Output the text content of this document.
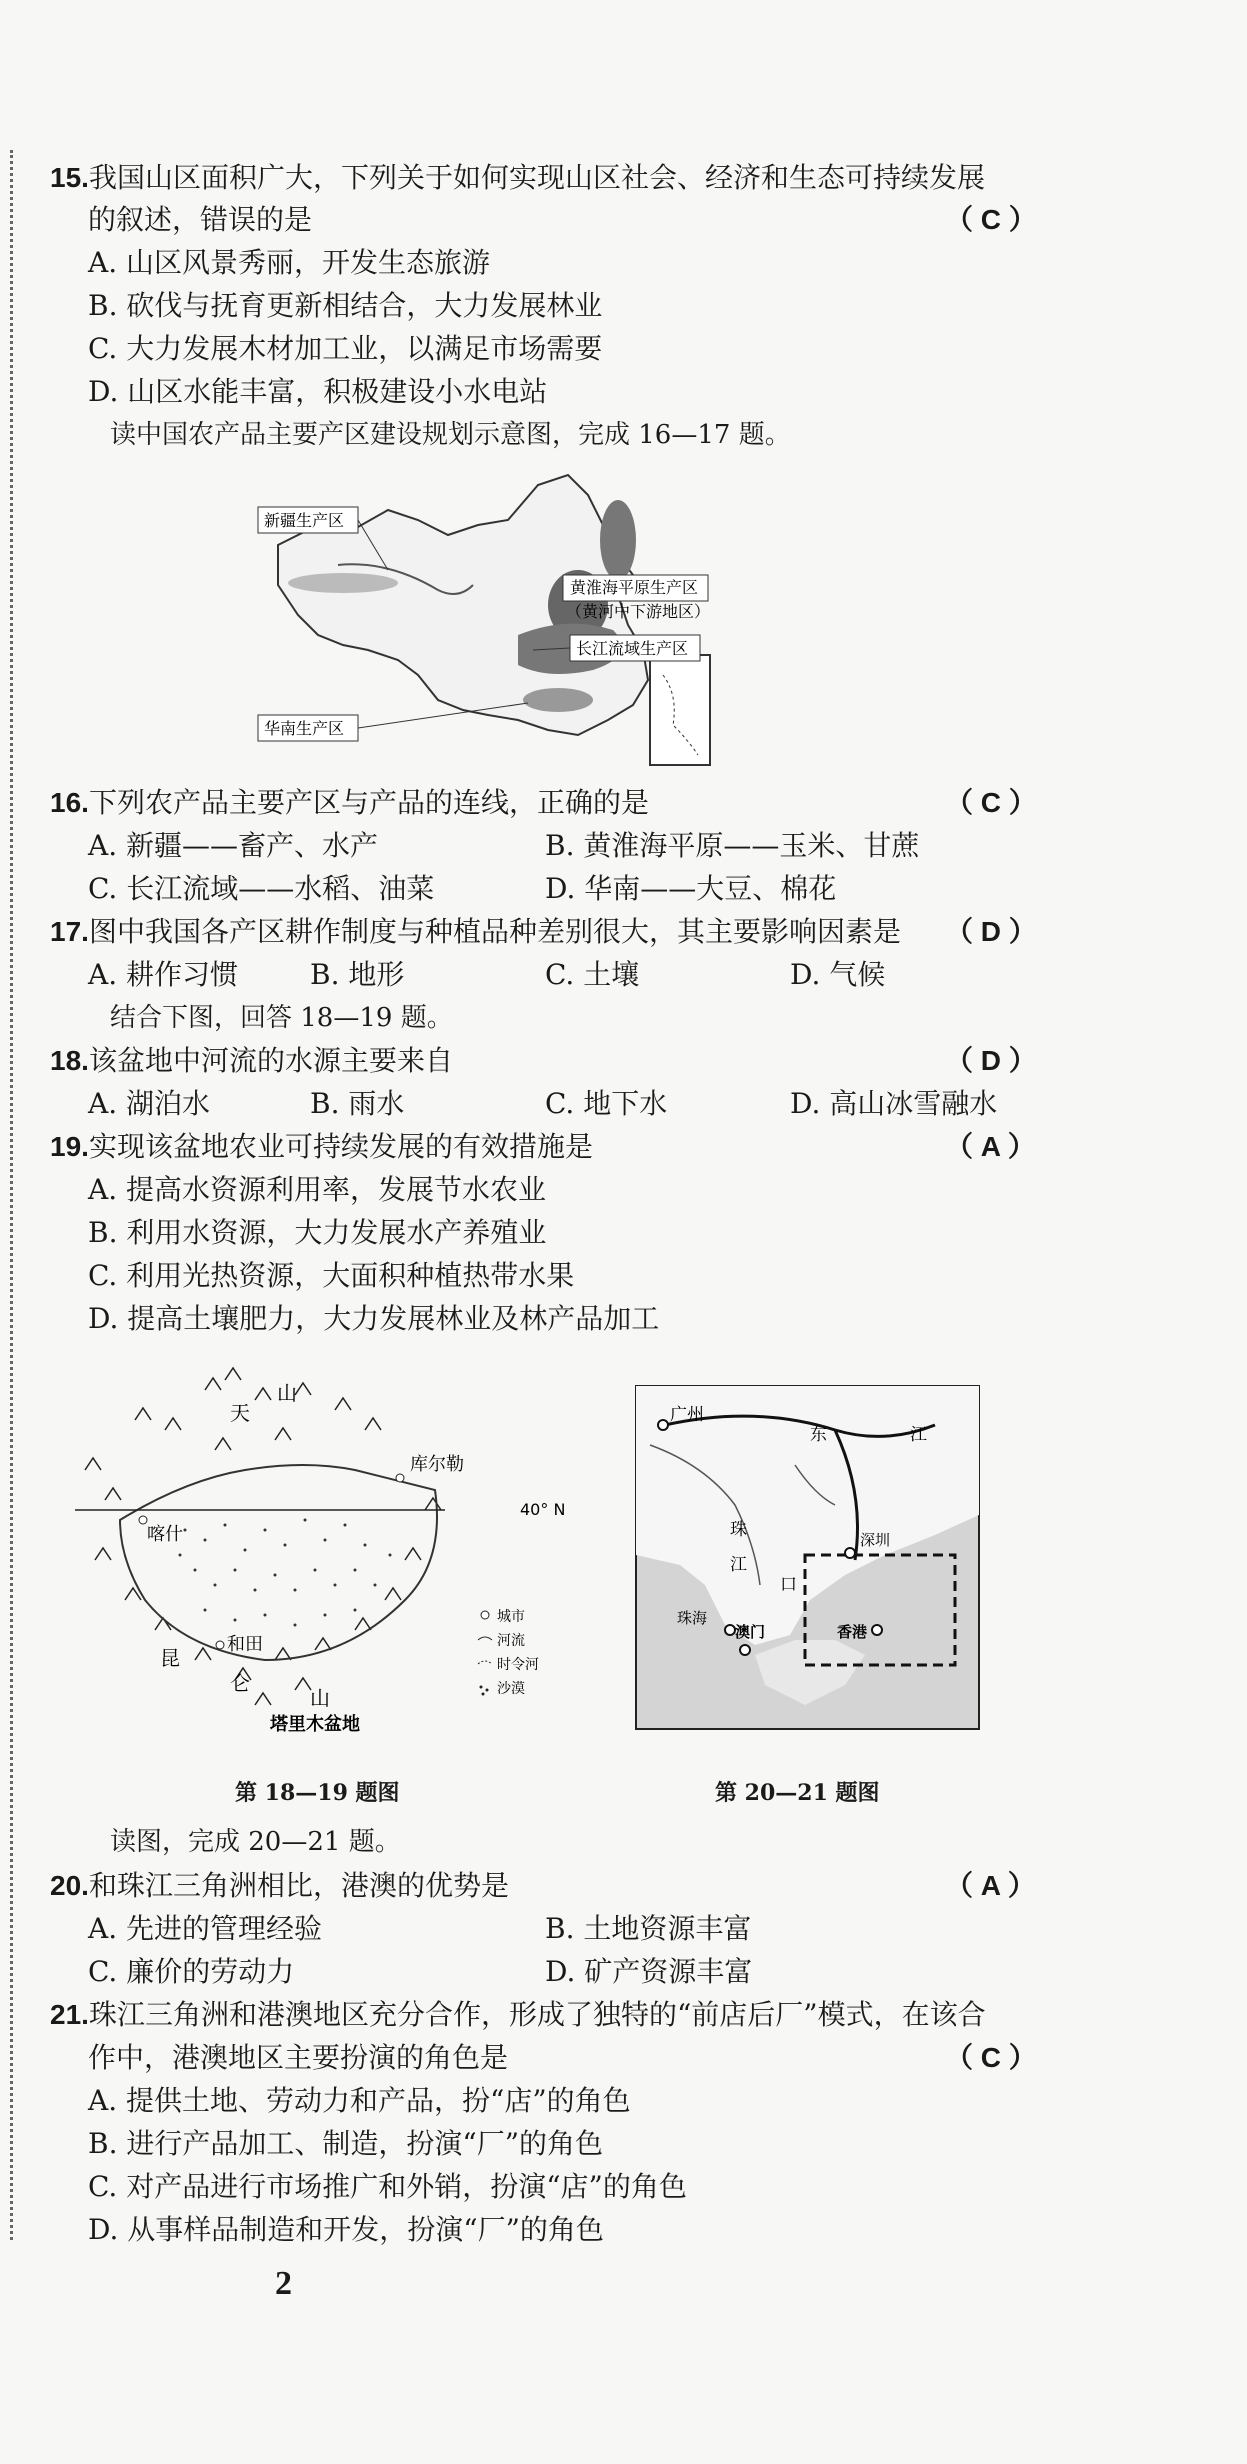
15.我国山区面积广大，下列关于如何实现山区社会、经济和生态可持续发展
的叙述，错误的是	（ C ）
A. 山区风景秀丽，开发生态旅游
B. 砍伐与抚育更新相结合，大力发展林业
C. 大力发展木材加工业，以满足市场需要
D. 山区水能丰富，积极建设小水电站
读中国农产品主要产区建设规划示意图，完成 16—17 题。
新疆生产区
黄淮海平原生产区
（黄河中下游地区）
长江流域生产区
华南生产区
16.下列农产品主要产区与产品的连线，正确的是	（ C ）
A. 新疆——畜产、水产	B. 黄淮海平原——玉米、甘蔗
C. 长江流域——水稻、油菜	D. 华南——大豆、棉花
17.图中我国各产区耕作制度与种植品种差别很大，其主要影响因素是 （ D ）
A. 耕作习惯	B. 地形	C. 土壤	D. 气候
结合下图，回答 18—19 题。
18.该盆地中河流的水源主要来自	（ D ）
A. 湖泊水	B. 雨水	C. 地下水	D. 高山冰雪融水
19.实现该盆地农业可持续发展的有效措施是	（ A ）
A. 提高水资源利用率，发展节水农业
B. 利用水资源，大力发展水产养殖业
C. 利用光热资源，大面积种植热带水果
D. 提高土壤肥力，大力发展林业及林产品加工
天
山
库尔勒
40° N
喀什
和田
昆
仑
山
城市
河流
时令河
沙漠
塔里木盆地
广州
东	江
珠
江
口
深圳
珠海
澳门	香港
第 18—19 题图	第 20—21 题图
读图，完成 20—21 题。
20.和珠江三角洲相比，港澳的优势是	（ A ）
A. 先进的管理经验	B. 土地资源丰富
C. 廉价的劳动力	D. 矿产资源丰富
21.珠江三角洲和港澳地区充分合作，形成了独特的“前店后厂”模式，在该合
作中，港澳地区主要扮演的角色是	（ C ）
A. 提供土地、劳动力和产品，扮“店”的角色
B. 进行产品加工、制造，扮演“厂”的角色
C. 对产品进行市场推广和外销，扮演“店”的角色
D. 从事样品制造和开发，扮演“厂”的角色
2
